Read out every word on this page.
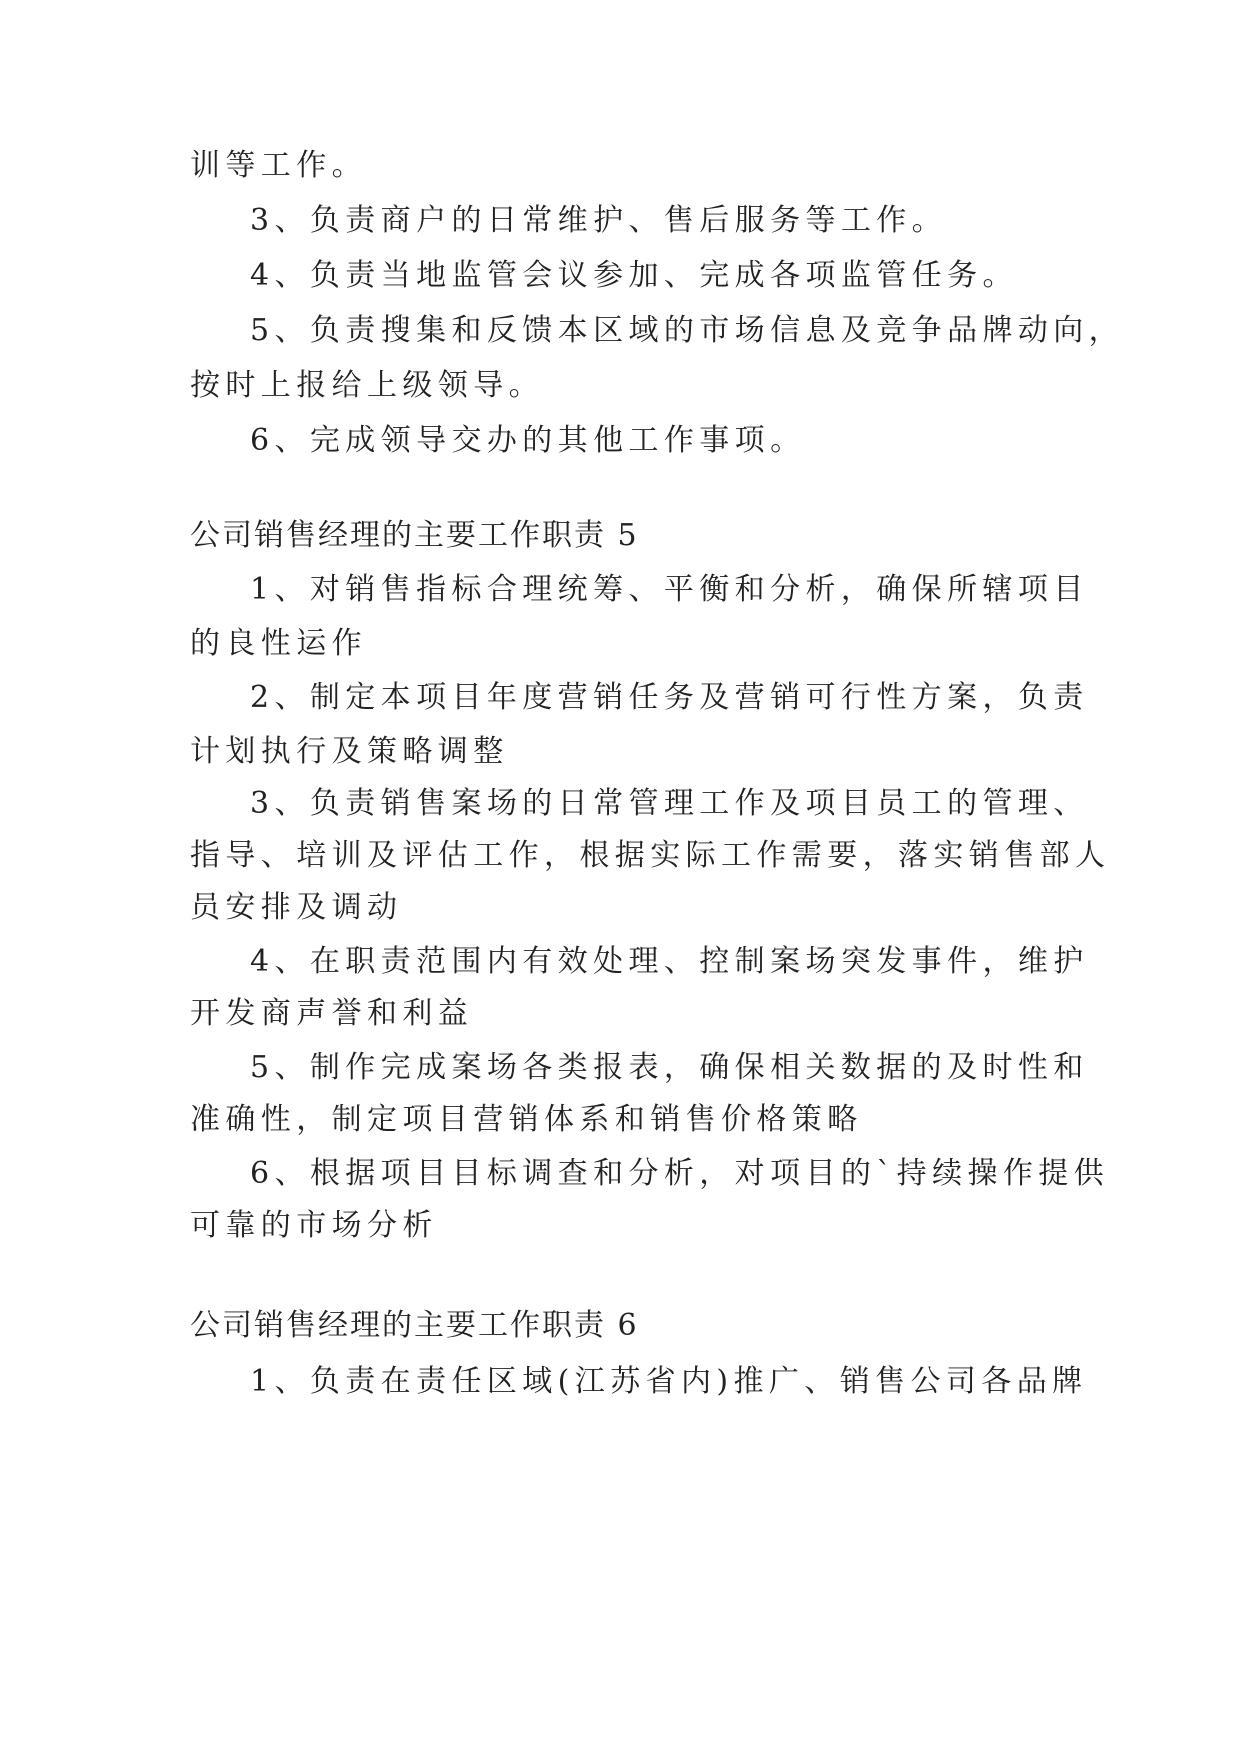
训等工作。
3、负责商户的日常维护、售后服务等工作。
4、负责当地监管会议参加、完成各项监管任务。
5、负责搜集和反馈本区域的市场信息及竞争品牌动向，
按时上报给上级领导。
6、完成领导交办的其他工作事项。
公司销售经理的主要工作职责 5
1、对销售指标合理统筹、平衡和分析，确保所辖项目
的良性运作
2、制定本项目年度营销任务及营销可行性方案，负责
计划执行及策略调整
3、负责销售案场的日常管理工作及项目员工的管理、
指导、培训及评估工作，根据实际工作需要，落实销售部人
员安排及调动
4、在职责范围内有效处理、控制案场突发事件，维护
开发商声誉和利益
5、制作完成案场各类报表，确保相关数据的及时性和
准确性，制定项目营销体系和销售价格策略
6、根据项目目标调查和分析，对项目的`持续操作提供
可靠的市场分析
公司销售经理的主要工作职责 6
1、负责在责任区域(江苏省内)推广、销售公司各品牌
